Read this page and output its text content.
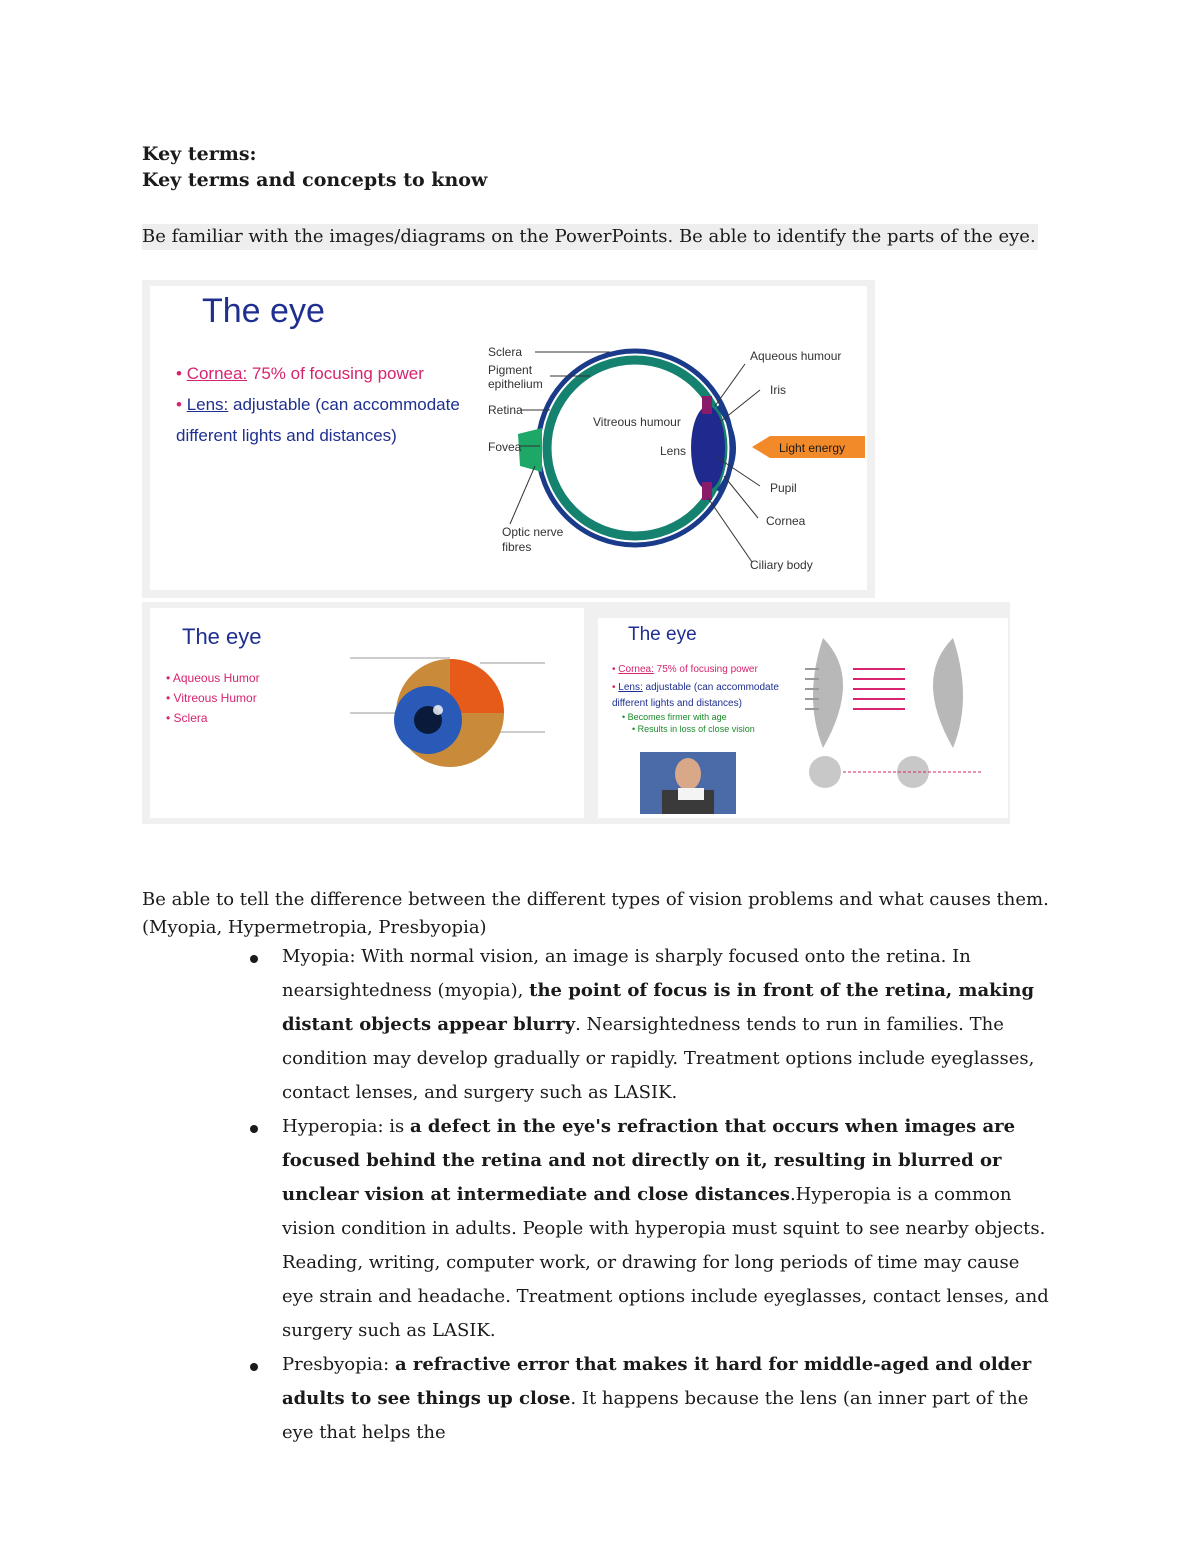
Key terms:

Key terms and concepts to know

Be familiar with the images/diagrams on the PowerPoints. Be able to identify the parts of the eye.

The eye
• Cornea: 75% of focusing power
• Lens: adjustable (can accommodate
different lights and distances)
Sclera
Pigment
epithelium
Retina
Fovea
Optic nerve
fibres
Vitreous humour
Lens
Aqueous humour
Iris
Light energy
Pupil
Cornea
Ciliary body
The eye
• Aqueous Humor
• Vitreous Humor
• Sclera
The eye
• Cornea: 75% of focusing power
• Lens: adjustable (can accommodate
different lights and distances)
• Becomes firmer with age
• Results in loss of close vision

Be able to tell the difference between the different types of vision problems and what causes them.

(Myopia, Hypermetropia, Presbyopia)

Myopia: With normal vision, an image is sharply focused onto the retina. In nearsightedness (myopia), the point of focus is in front of the retina, making distant objects appear blurry. Nearsightedness tends to run in families. The condition may develop gradually or rapidly. Treatment options include eyeglasses, contact lenses, and surgery such as LASIK.
Hyperopia: is a defect in the eye's refraction that occurs when images are focused behind the retina and not directly on it, resulting in blurred or unclear vision at intermediate and close distances.Hyperopia is a common vision condition in adults. People with hyperopia must squint to see nearby objects. Reading, writing, computer work, or drawing for long periods of time may cause eye strain and headache. Treatment options include eyeglasses, contact lenses, and surgery such as LASIK.
Presbyopia: a refractive error that makes it hard for middle-aged and older adults to see things up close. It happens because the lens (an inner part of the eye that helps the
